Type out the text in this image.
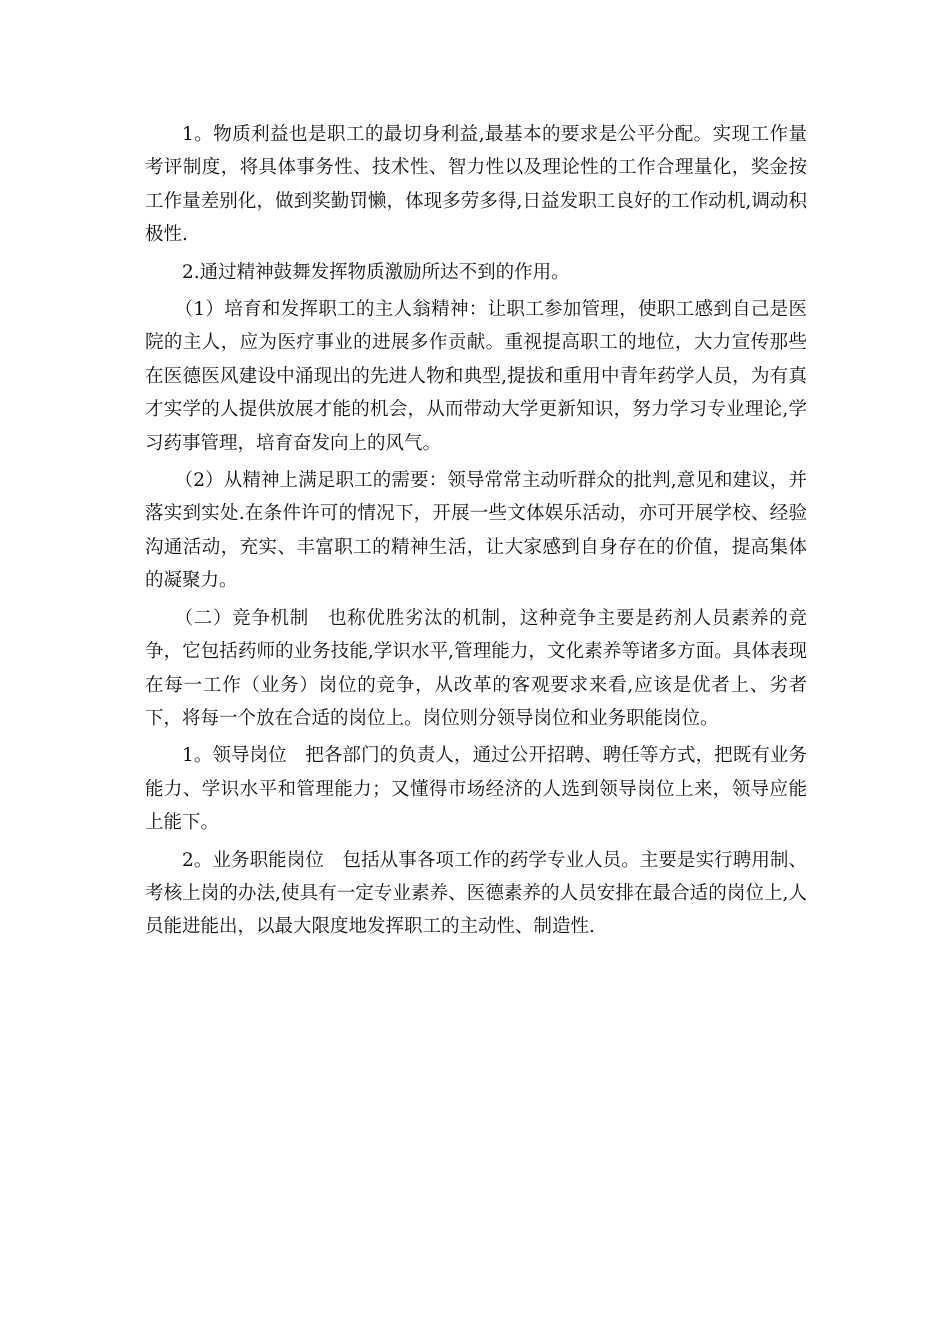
1。物质利益也是职工的最切身利益,最基本的要求是公平分配。实现工作量考评制度，将具体事务性、技术性、智力性以及理论性的工作合理量化，奖金按工作量差别化，做到奖勤罚懒，体现多劳多得,日益发职工良好的工作动机,调动积极性.

2.通过精神鼓舞发挥物质激励所达不到的作用。

（1）培育和发挥职工的主人翁精神：让职工参加管理，使职工感到自己是医院的主人，应为医疗事业的进展多作贡献。重视提高职工的地位，大力宣传那些在医德医风建设中涌现出的先进人物和典型,提拔和重用中青年药学人员，为有真才实学的人提供放展才能的机会，从而带动大学更新知识，努力学习专业理论,学习药事管理，培育奋发向上的风气。

（2）从精神上满足职工的需要：领导常常主动听群众的批判,意见和建议，并落实到实处.在条件许可的情况下，开展一些文体娱乐活动，亦可开展学校、经验沟通活动，充实、丰富职工的精神生活，让大家感到自身存在的价值，提高集体的凝聚力。

（二）竞争机制　也称优胜劣汰的机制，这种竞争主要是药剂人员素养的竞争，它包括药师的业务技能,学识水平,管理能力，文化素养等诸多方面。具体表现在每一工作（业务）岗位的竞争，从改革的客观要求来看,应该是优者上、劣者下，将每一个放在合适的岗位上。岗位则分领导岗位和业务职能岗位。

1。领导岗位　把各部门的负责人，通过公开招聘、聘任等方式，把既有业务能力、学识水平和管理能力；又懂得市场经济的人选到领导岗位上来，领导应能上能下。

2。业务职能岗位　包括从事各项工作的药学专业人员。主要是实行聘用制、考核上岗的办法,使具有一定专业素养、医德素养的人员安排在最合适的岗位上,人员能进能出，以最大限度地发挥职工的主动性、制造性.
